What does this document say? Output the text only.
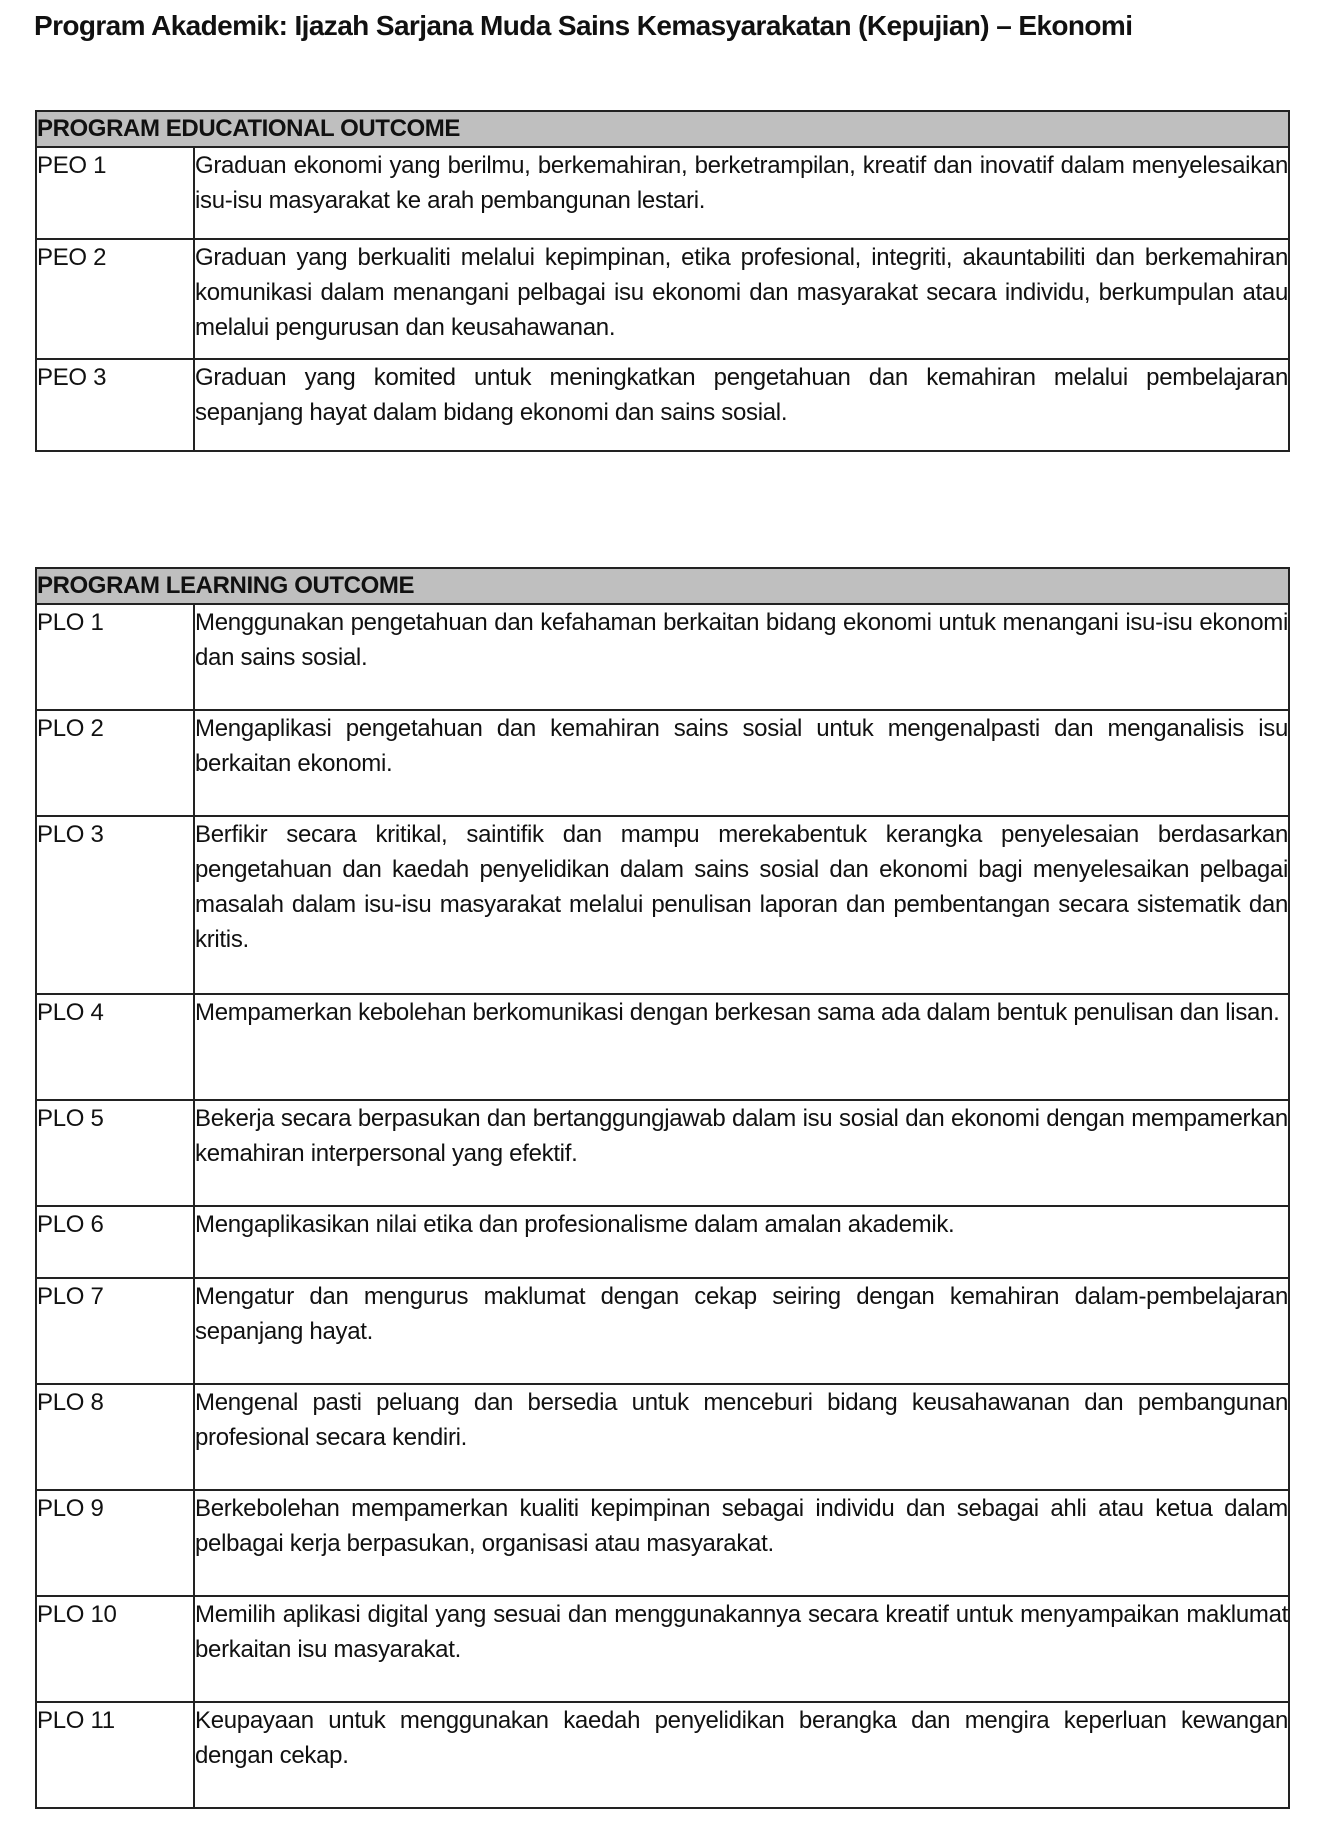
Program Akademik: Ijazah Sarjana Muda Sains Kemasyarakatan (Kepujian) – Ekonomi
PROGRAM EDUCATIONAL OUTCOME	
PEO 1	Graduan ekonomi yang berilmu, berkemahiran, berketrampilan, kreatif dan inovatif dalam menyelesaikan isu-isu masyarakat ke arah pembangunan lestari.
PEO 2	Graduan yang berkualiti melalui kepimpinan, etika profesional, integriti, akauntabiliti dan berkemahiran komunikasi dalam menangani pelbagai isu ekonomi dan masyarakat secara individu, berkumpulan atau melalui pengurusan dan keusahawanan.
PEO 3	Graduan yang komited untuk meningkatkan pengetahuan dan kemahiran melalui pembelajaran sepanjang hayat dalam bidang ekonomi dan sains sosial.
PROGRAM LEARNING OUTCOME	
PLO 1	Menggunakan pengetahuan dan kefahaman berkaitan bidang ekonomi untuk menangani isu-isu ekonomi dan sains sosial.
PLO 2	Mengaplikasi pengetahuan dan kemahiran sains sosial untuk mengenalpasti dan menganalisis isu berkaitan ekonomi.
PLO 3	Berfikir secara kritikal, saintifik dan mampu merekabentuk kerangka penyelesaian berdasarkan pengetahuan dan kaedah penyelidikan dalam sains sosial dan ekonomi bagi menyelesaikan pelbagai masalah dalam isu-isu masyarakat melalui penulisan laporan dan pembentangan secara sistematik dan kritis.
PLO 4	Mempamerkan kebolehan berkomunikasi dengan berkesan sama ada dalam bentuk penulisan dan lisan.
PLO 5	Bekerja secara berpasukan dan bertanggungjawab dalam isu sosial dan ekonomi dengan mempamerkan kemahiran interpersonal yang efektif.
PLO 6	Mengaplikasikan nilai etika dan profesionalisme dalam amalan akademik.
PLO 7	Mengatur dan mengurus maklumat dengan cekap seiring dengan kemahiran dalam-pembelajaran sepanjang hayat.
PLO 8	Mengenal pasti peluang dan bersedia untuk menceburi bidang keusahawanan dan pembangunan profesional secara kendiri.
PLO 9	Berkebolehan mempamerkan kualiti kepimpinan sebagai individu dan sebagai ahli atau ketua dalam pelbagai kerja berpasukan, organisasi atau masyarakat.
PLO 10	Memilih aplikasi digital yang sesuai dan menggunakannya secara kreatif untuk menyampaikan maklumat berkaitan isu masyarakat.
PLO 11	Keupayaan untuk menggunakan kaedah penyelidikan berangka dan mengira keperluan kewangan dengan cekap.
